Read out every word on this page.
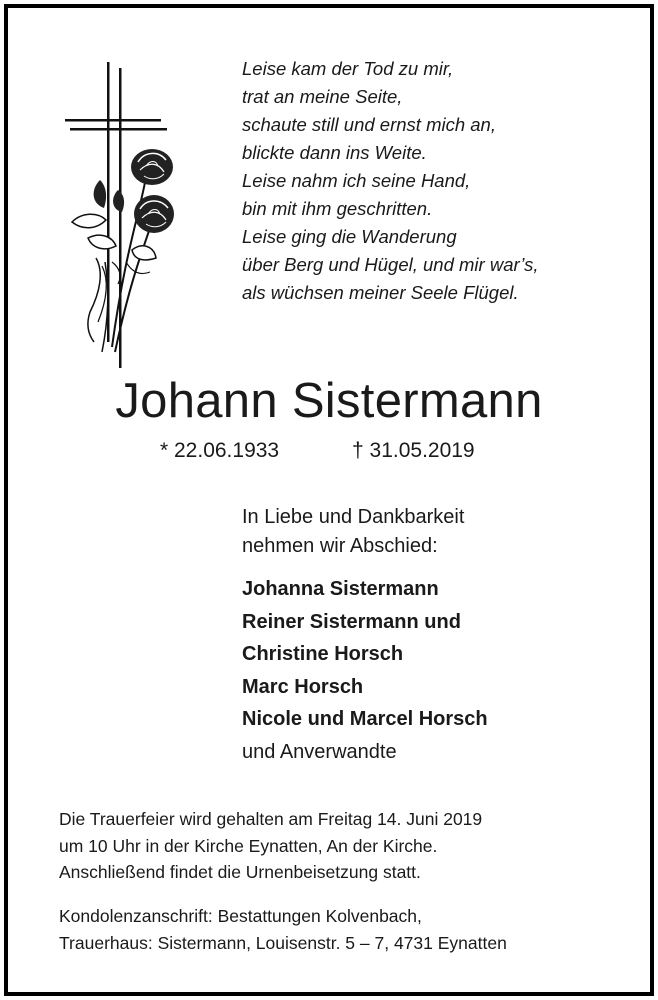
Leise kam der Tod zu mir,
trat an meine Seite,
schaute still und ernst mich an,
blickte dann ins Weite.
Leise nahm ich seine Hand,
bin mit ihm geschritten.
Leise ging die Wanderung
über Berg und Hügel, und mir war’s,
als wüchsen meiner Seele Flügel.
Johann Sistermann
* 22.06.1933	† 31.05.2019
In Liebe und Dankbarkeit
nehmen wir Abschied:
Johanna Sistermann
Reiner Sistermann und
Christine Horsch
Marc Horsch
Nicole und Marcel Horsch
und Anverwandte
Die Trauerfeier wird gehalten am Freitag 14. Juni 2019
um 10 Uhr in der Kirche Eynatten, An der Kirche.
Anschließend findet die Urnenbeisetzung statt.
Kondolenzanschrift: Bestattungen Kolvenbach,
Trauerhaus: Sistermann, Louisenstr. 5 – 7, 4731 Eynatten
